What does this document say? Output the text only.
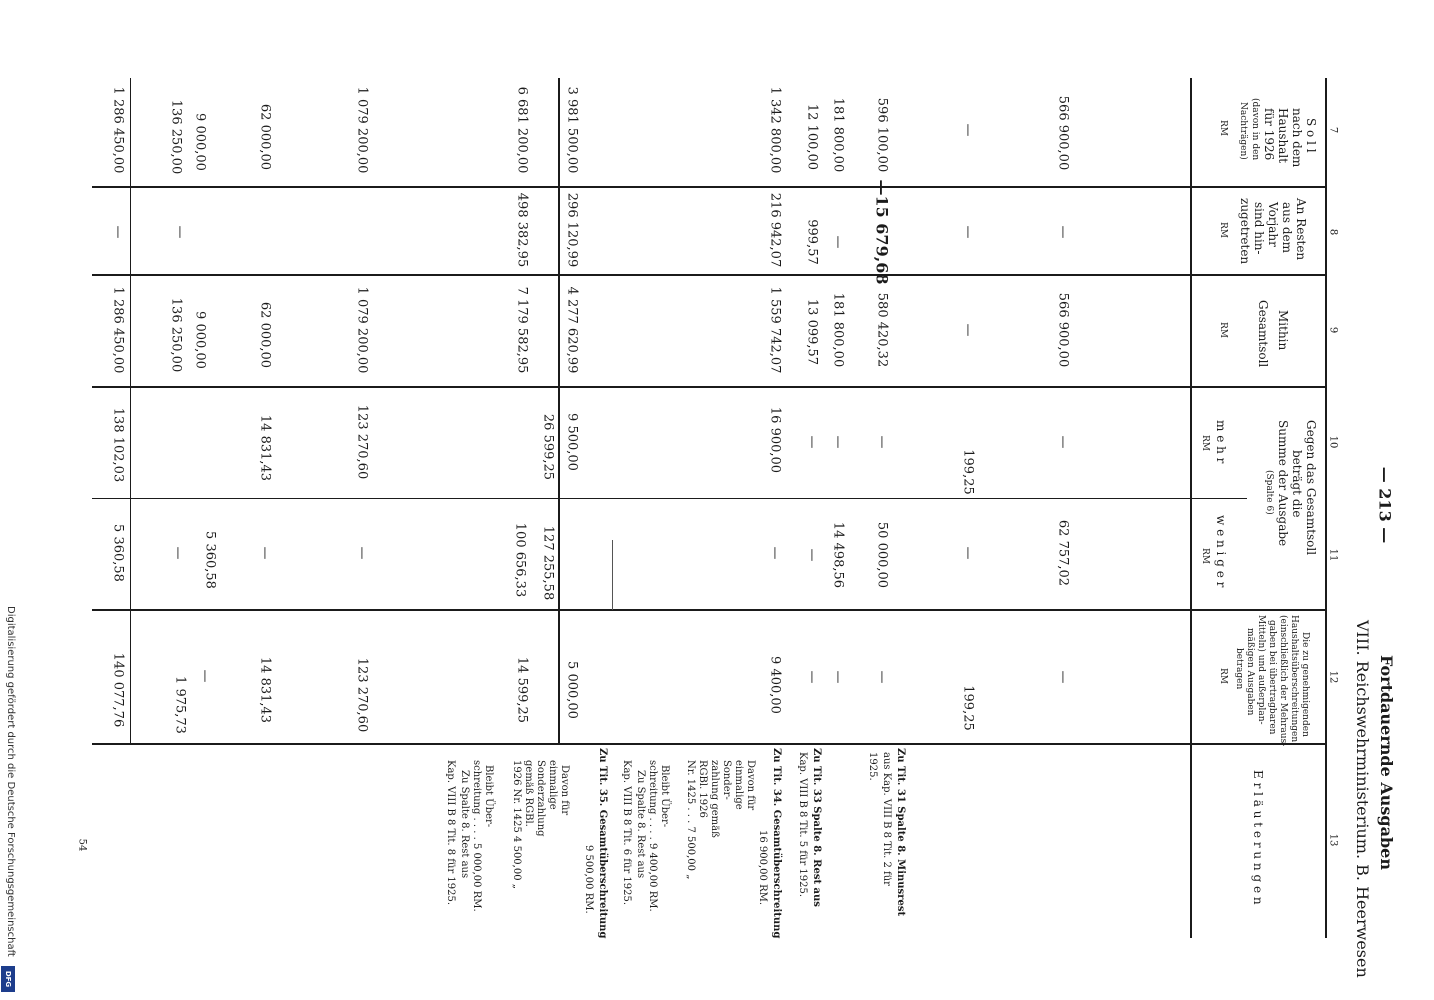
— 213 —
Fortdauernde Ausgaben
VIII. Reichswehrministerium. B. Heerwesen
7
8
9
10
11
12
13
S o l l
nach dem
Haushalt
für 1926
(davon in den
Nachträgen)
RM
An Resten
aus dem
Vorjahr
sind hin-
zugetreten
RM
Mithin
Gesamtsoll
RM
Gegen das Gesamtsoll
beträgt die
Summe der Ausgabe
(Spalte 6)
m e h r
RM
w e n i g e r
RM
Die zu genehmigenden
Haushaltsüberschreitungen
(einschließlich der Mehraus-
gaben bei übertragbaren
Mitteln) und außerplan-
mäßigen Ausgaben
betragen
RM
E r l ä u t e r u n g e n
566 900,00
—
566 900,00
—
62 757,02
—
—
—
—
199,25
—
199,25
596 100,00
—15 679,68
580 420,32
—
50 000,00
—
181 800,00
—
181 800,00
—
14 498,56
—
12 100,00
999,57
13 099,57
—
—
—
1 342 800,00
216 942,07
1 559 742,07
16 900,00
—
9 400,00
3 981 500,00
296 120,99
4 277 620,99
9 500,00
127 255,58
5 000,00
6 681 200,00
498 382,95
7 179 582,95
26 599,25
100 656,33
14 599,25
1 079 200,00
1 079 200,00
123 270,60
—
123 270,60
62 000,00
62 000,00
14 831,43
—
14 831,43
9 000,00
—
9 000,00
5 360,58
—
136 250,00
136 250,00
—
1 975,73
1 286 450,00
—
1 286 450,00
138 102,03
5 360,58
140 077,76
Zu Tit. 31 Spalte 8. Minusrest
aus Kap. VIII B 8 Tit. 2 für
1925.
Zu Tit. 33 Spalte 8. Rest aus
Kap. VIII B 8 Tit. 5 für 1925.
Zu Tit. 34. Gesamtüberschreitung
16 900,00 RM.
Davon für
einmalige
Sonder-
zahlung gemäß
RGBl. 1926
Nr. 1425 . . . 7 500,00 „
Bleibt Über-
schreitung . . . . 9 400,00 RM.
Zu Spalte 8. Rest aus
Kap. VIII B 8 Tit. 6 für 1925.
Zu Tit. 35. Gesamtüberschreitung
9 500,00 RM.
Davon für
einmalige
Sonderzahlung
gemäß RGBl.
1926 Nr. 1425 4 500,00 „
Bleibt Über-
schreitung . . . . 5 000,00 RM.
Zu Spalte 8. Rest aus
Kap. VIII B 8 Tit. 8 für 1925.
54
Digitalisierung gefördert durch die Deutsche Forschungsgemeinschaft
DFG
